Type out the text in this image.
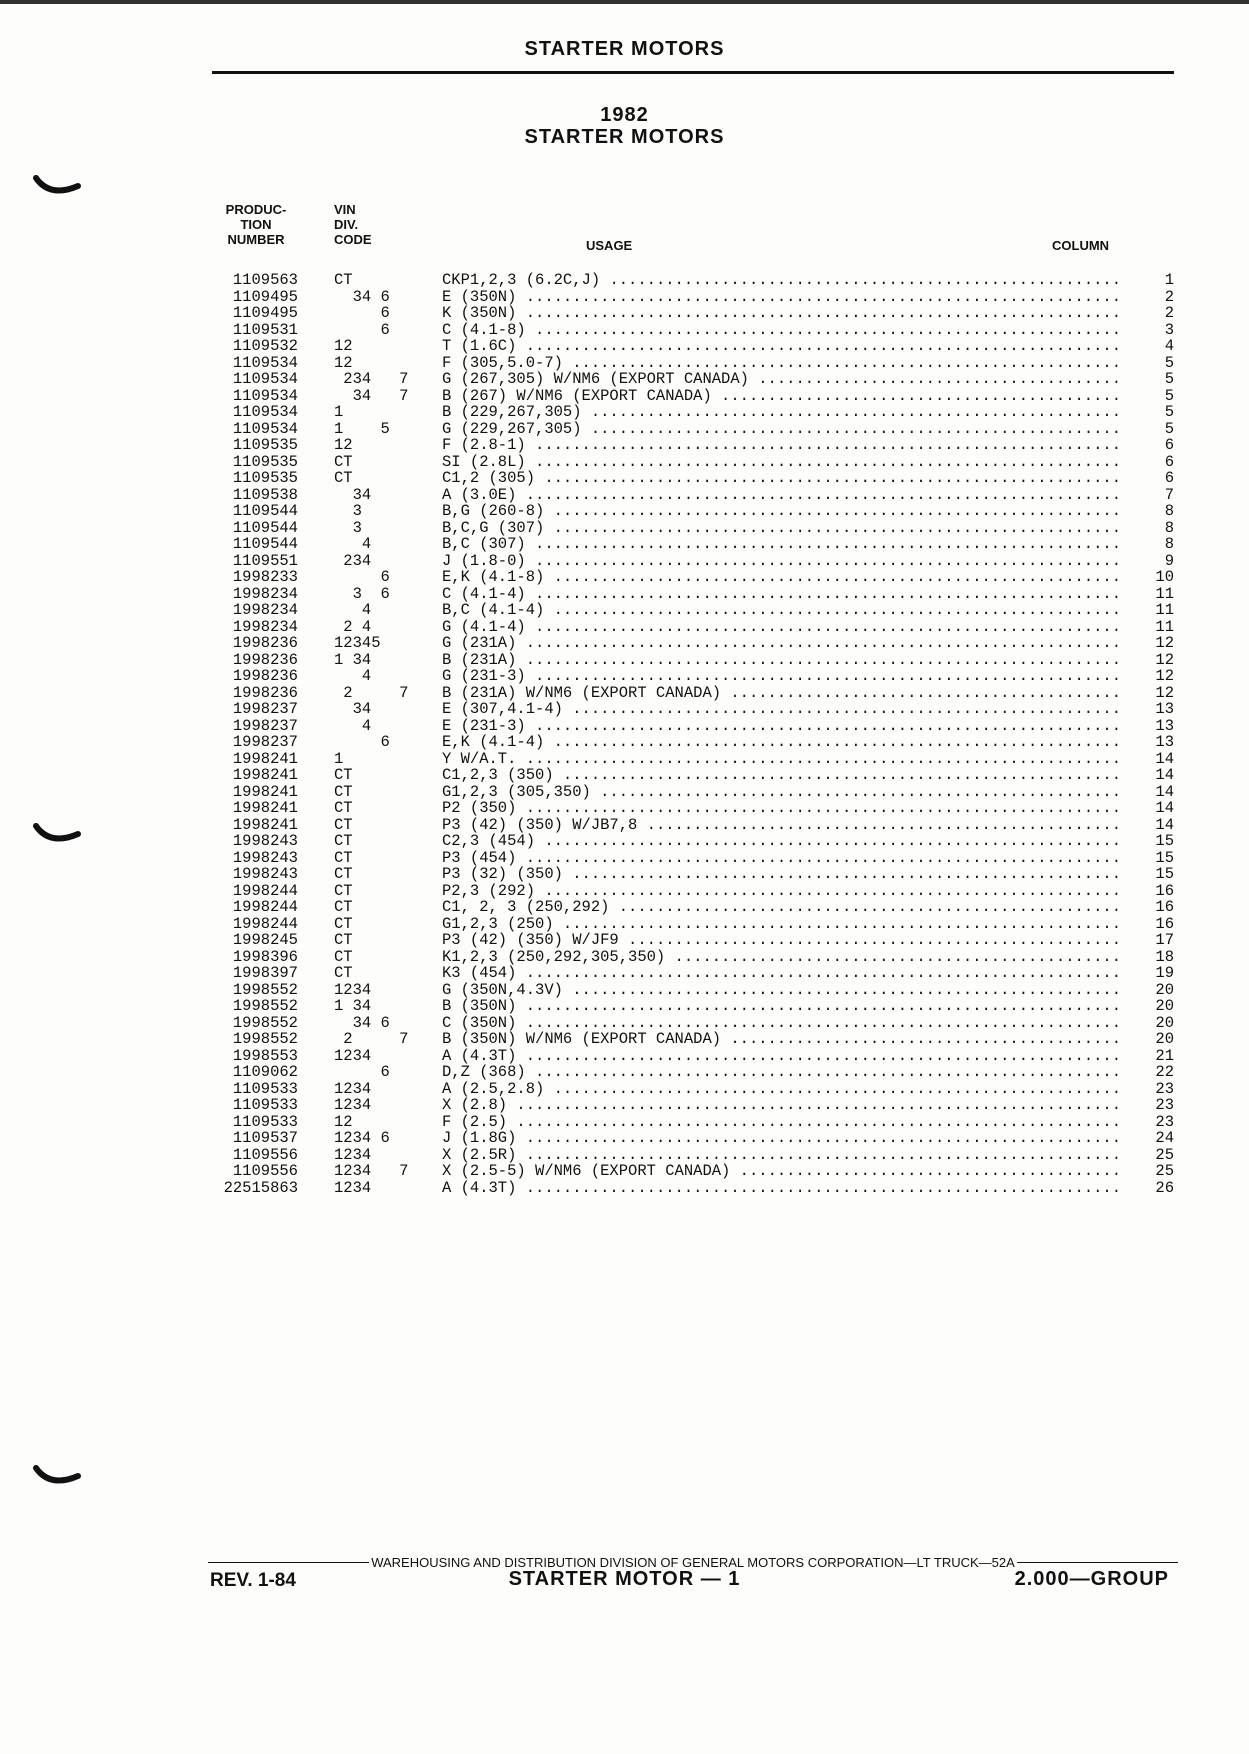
STARTER MOTORS
1982
STARTER MOTORS
PRODUC-
TION
NUMBER
VIN
DIV.
CODE	USAGE	COLUMN
1109563 CT	CKP1,2,3 (6.2C,J) .....	1
1109495 34 6	E (350N) .....	2
1109495 6	K (350N) .....	2
1109531 6	C (4.1-8) .....	3
1109532 12	T (1.6C) .....	4
1109534 12	F (305,5.0-7) .....	5
1109534 234   7 G (267,305) W/NM6 (EXPORT CANADA) .....	5
1109534 34   7 B (267) W/NM6 (EXPORT CANADA) .....	5
1109534 1	B (229,267,305) .....	5
1109534 1    5	G (229,267,305) .....	5
1109535 12	F (2.8-1) .....	6
1109535 CT	SI (2.8L) .....	6
1109535 CT	C1,2 (305) .....	6
1109538 34	A (3.0E) .....	7
1109544 3	B,G (260-8) .....	8
1109544 3	B,C,G (307) .....	8
1109544 4	B,C (307) .....	8
1109551 234	J (1.8-0) .....	9
1998233 6	E,K (4.1-8) .....	10
1998234 3  6	C (4.1-4) .....	11
1998234 4	B,C (4.1-4) .....	11
1998234 2 4	G (4.1-4) .....	11
1998236 12345	G (231A) .....	12
1998236 1 34	B (231A) .....	12
1998236 4	G (231-3) .....	12
1998236 2     7 B (231A) W/NM6 (EXPORT CANADA) .....	12
1998237 34	E (307,4.1-4) .....	13
1998237 4	E (231-3) .....	13
1998237 6	E,K (4.1-4) .....	13
1998241 1	Y W/A.T. .....	14
1998241 CT	C1,2,3 (350) .....	14
1998241 CT	G1,2,3 (305,350) .....	14
1998241 CT	P2 (350) .....	14
1998241 CT	P3 (42) (350) W/JB7,8 .....	14
1998243 CT	C2,3 (454) .....	15
1998243 CT	P3 (454) .....	15
1998243 CT	P3 (32) (350) .....	15
1998244 CT	P2,3 (292) .....	16
1998244 CT	C1, 2, 3 (250,292) .....	16
1998244 CT	G1,2,3 (250) .....	16
1998245 CT	P3 (42) (350) W/JF9 .....	17
1998396 CT	K1,2,3 (250,292,305,350) .....	18
1998397 CT	K3 (454) .....	19
1998552 1234	G (350N,4.3V) .....	20
1998552 1 34	B (350N) .....	20
1998552 34 6	C (350N) .....	20
1998552 2     7 B (350N) W/NM6 (EXPORT CANADA) .....	20
1998553 1234	A (4.3T) .....	21
1109062 6	D,Z (368) .....	22
1109533 1234	A (2.5,2.8) .....	23
1109533 1234	X (2.8) .....	23
1109533 12	F (2.5) .....	23
1109537 1234 6	J (1.8G) .....	24
1109556 1234	X (2.5R) .....	25
1109556 1234   7 X (2.5-5) W/NM6 (EXPORT CANADA) .....	25
22515863 1234	A (4.3T) .....	26
WAREHOUSING AND DISTRIBUTION DIVISION OF GENERAL MOTORS CORPORATION—LT TRUCK—52A
REV. 1-84	STARTER MOTOR — 1	2.000—GROUP
